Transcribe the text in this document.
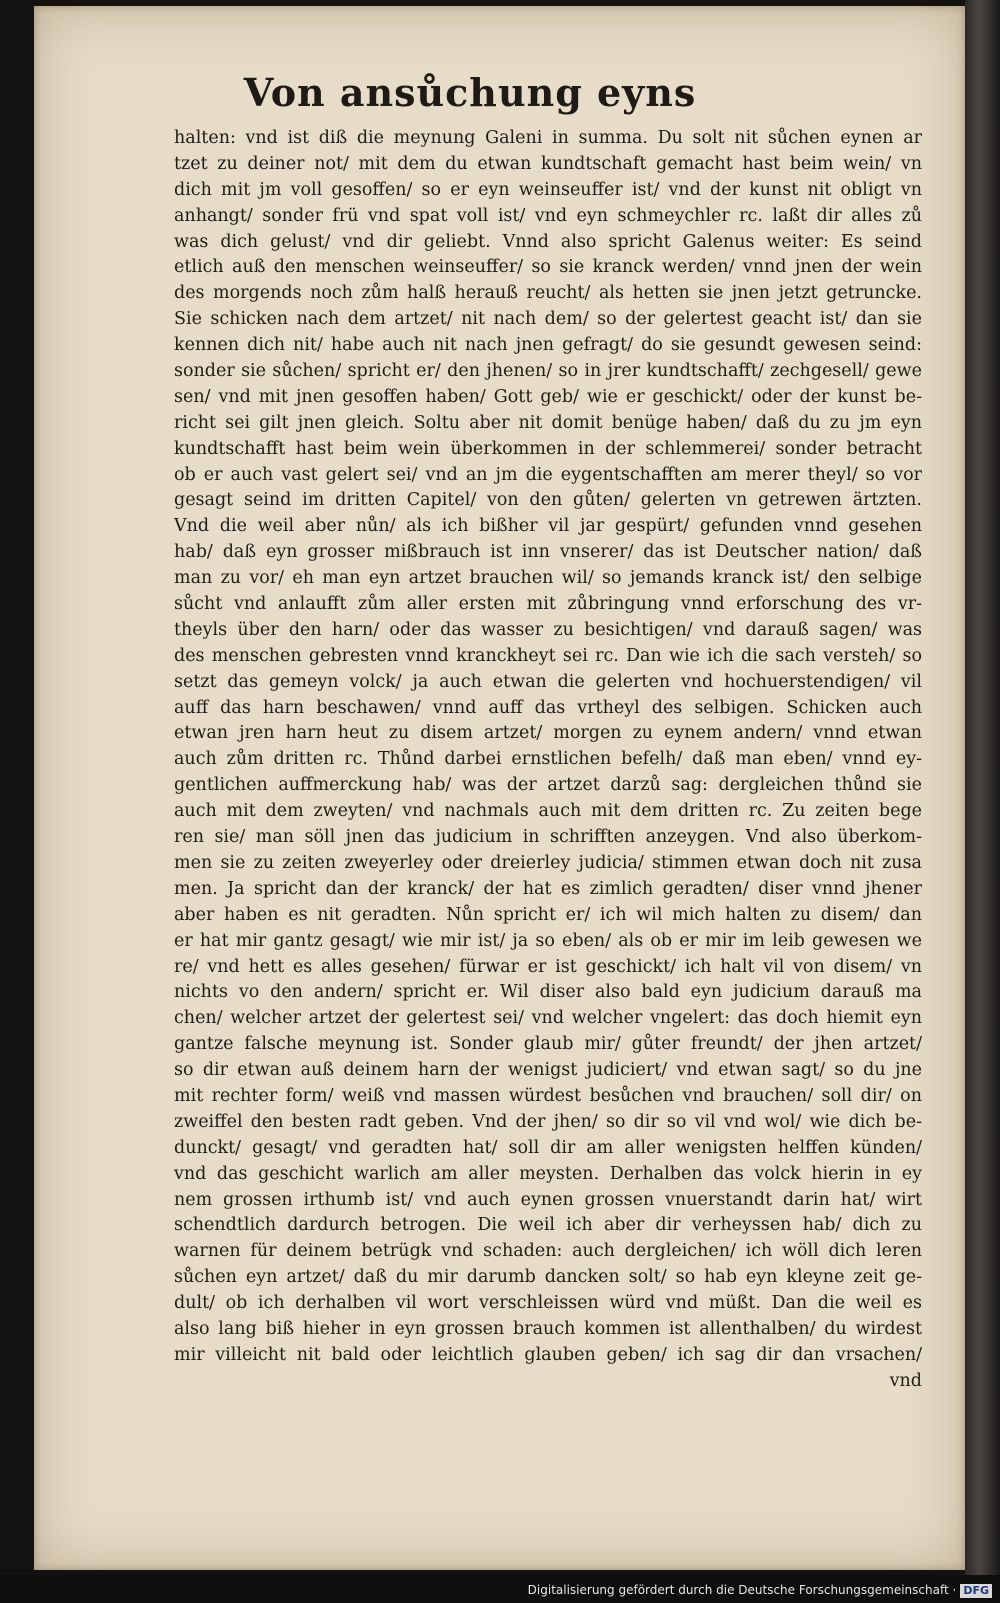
Von ansůchung eyns
halten: vnd ist diß die meynung Galeni in summa. Du solt nit sůchen eynen ar
tzet zu deiner not/ mit dem du etwan kundtschaft gemacht hast beim wein/ vn
dich mit jm voll gesoffen/ so er eyn weinseuffer ist/ vnd der kunst nit obligt vn
anhangt/ sonder frü vnd spat voll ist/ vnd eyn schmeychler rc. laßt dir alles zů
was dich gelust/ vnd dir geliebt. Vnnd also spricht Galenus weiter: Es seind
etlich auß den menschen weinseuffer/ so sie kranck werden/ vnnd jnen der wein
des morgends noch zům halß herauß reucht/ als hetten sie jnen jetzt getruncke.
Sie schicken nach dem artzet/ nit nach dem/ so der gelertest geacht ist/ dan sie
kennen dich nit/ habe auch nit nach jnen gefragt/ do sie gesundt gewesen seind:
sonder sie sůchen/ spricht er/ den jhenen/ so in jrer kundtschafft/ zechgesell/ gewe
sen/ vnd mit jnen gesoffen haben/ Gott geb/ wie er geschickt/ oder der kunst be-
richt sei gilt jnen gleich. Soltu aber nit domit benüge haben/ daß du zu jm eyn
kundtschafft hast beim wein überkommen in der schlemmerei/ sonder betracht
ob er auch vast gelert sei/ vnd an jm die eygentschafften am merer theyl/ so vor
gesagt seind im dritten Capitel/ von den gůten/ gelerten vn getrewen ärtzten.
Vnd die weil aber nůn/ als ich bißher vil jar gespürt/ gefunden vnnd gesehen
hab/ daß eyn grosser mißbrauch ist inn vnserer/ das ist Deutscher nation/ daß
man zu vor/ eh man eyn artzet brauchen wil/ so jemands kranck ist/ den selbige
sůcht vnd anlaufft zům aller ersten mit zůbringung vnnd erforschung des vr-
theyls über den harn/ oder das wasser zu besichtigen/ vnd darauß sagen/ was
des menschen gebresten vnnd kranckheyt sei rc. Dan wie ich die sach versteh/ so
setzt das gemeyn volck/ ja auch etwan die gelerten vnd hochuerstendigen/ vil
auff das harn beschawen/ vnnd auff das vrtheyl des selbigen. Schicken auch
etwan jren harn heut zu disem artzet/ morgen zu eynem andern/ vnnd etwan
auch zům dritten rc. Thůnd darbei ernstlichen befelh/ daß man eben/ vnnd ey-
gentlichen auffmerckung hab/ was der artzet darzů sag: dergleichen thůnd sie
auch mit dem zweyten/ vnd nachmals auch mit dem dritten rc. Zu zeiten bege
ren sie/ man söll jnen das judicium in schrifften anzeygen. Vnd also überkom-
men sie zu zeiten zweyerley oder dreierley judicia/ stimmen etwan doch nit zusa
men. Ja spricht dan der kranck/ der hat es zimlich geradten/ diser vnnd jhener
aber haben es nit geradten. Nůn spricht er/ ich wil mich halten zu disem/ dan
er hat mir gantz gesagt/ wie mir ist/ ja so eben/ als ob er mir im leib gewesen we
re/ vnd hett es alles gesehen/ fürwar er ist geschickt/ ich halt vil von disem/ vn
nichts vo den andern/ spricht er. Wil diser also bald eyn judicium darauß ma
chen/ welcher artzet der gelertest sei/ vnd welcher vngelert: das doch hiemit eyn
gantze falsche meynung ist. Sonder glaub mir/ gůter freundt/ der jhen artzet/
so dir etwan auß deinem harn der wenigst judiciert/ vnd etwan sagt/ so du jne
mit rechter form/ weiß vnd massen würdest besůchen vnd brauchen/ soll dir/ on
zweiffel den besten radt geben. Vnd der jhen/ so dir so vil vnd wol/ wie dich be-
dunckt/ gesagt/ vnd geradten hat/ soll dir am aller wenigsten helffen künden/
vnd das geschicht warlich am aller meysten. Derhalben das volck hierin in ey
nem grossen irthumb ist/ vnd auch eynen grossen vnuerstandt darin hat/ wirt
schendtlich dardurch betrogen. Die weil ich aber dir verheyssen hab/ dich zu
warnen für deinem betrügk vnd schaden: auch dergleichen/ ich wöll dich leren
sůchen eyn artzet/ daß du mir darumb dancken solt/ so hab eyn kleyne zeit ge-
dult/ ob ich derhalben vil wort verschleissen würd vnd müßt. Dan die weil es
also lang biß hieher in eyn grossen brauch kommen ist allenthalben/ du wirdest
mir villeicht nit bald oder leichtlich glauben geben/ ich sag dir dan vrsachen/
vnd
Digitalisierung gefördert durch die Deutsche Forschungsgemeinschaft · DFG
